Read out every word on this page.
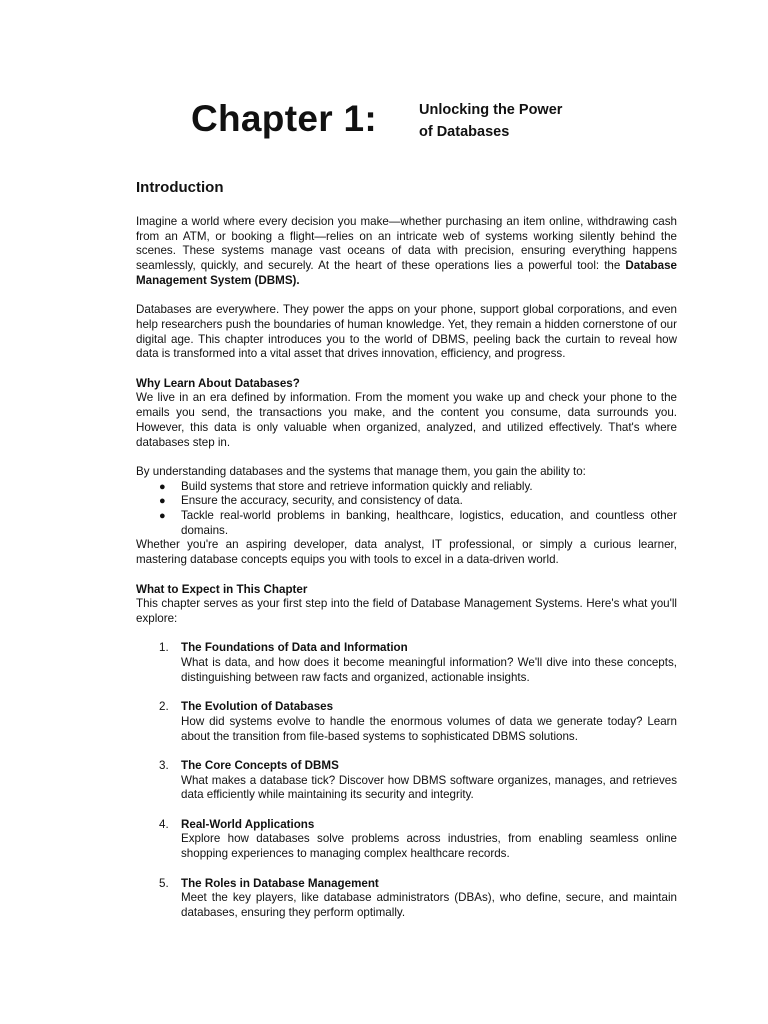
Chapter 1:	Unlocking the Power
of Databases
Introduction

Imagine a world where every decision you make—whether purchasing an item online, withdrawing cash from an ATM, or booking a flight—relies on an intricate web of systems working silently behind the scenes. These systems manage vast oceans of data with precision, ensuring everything happens seamlessly, quickly, and securely. At the heart of these operations lies a powerful tool: the Database Management System (DBMS).

Databases are everywhere. They power the apps on your phone, support global corporations, and even help researchers push the boundaries of human knowledge. Yet, they remain a hidden cornerstone of our digital age. This chapter introduces you to the world of DBMS, peeling back the curtain to reveal how data is transformed into a vital asset that drives innovation, efficiency, and progress.

Why Learn About Databases?

We live in an era defined by information. From the moment you wake up and check your phone to the emails you send, the transactions you make, and the content you consume, data surrounds you. However, this data is only valuable when organized, analyzed, and utilized effectively. That's where databases step in.

By understanding databases and the systems that manage them, you gain the ability to:

● Build systems that store and retrieve information quickly and reliably.
● Ensure the accuracy, security, and consistency of data.
● Tackle real-world problems in banking, healthcare, logistics, education, and countless other domains.

Whether you're an aspiring developer, data analyst, IT professional, or simply a curious learner, mastering database concepts equips you with tools to excel in a data-driven world.

What to Expect in This Chapter

This chapter serves as your first step into the field of Database Management Systems. Here's what you'll explore:

1. The Foundations of Data and Information
What is data, and how does it become meaningful information? We'll dive into these concepts, distinguishing between raw facts and organized, actionable insights.
2. The Evolution of Databases
How did systems evolve to handle the enormous volumes of data we generate today? Learn about the transition from file-based systems to sophisticated DBMS solutions.
3. The Core Concepts of DBMS
What makes a database tick? Discover how DBMS software organizes, manages, and retrieves data efficiently while maintaining its security and integrity.
4. Real-World Applications
Explore how databases solve problems across industries, from enabling seamless online shopping experiences to managing complex healthcare records.
5. The Roles in Database Management
Meet the key players, like database administrators (DBAs), who define, secure, and maintain databases, ensuring they perform optimally.
